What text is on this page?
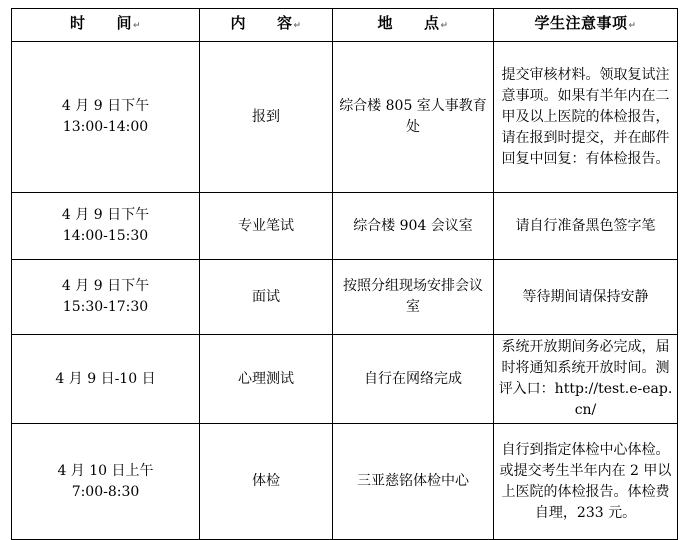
时　　间↵	内　　容↵	地　　点↵	学生注意事项↵

4 月 9 日下午
13:00-14:00	报到	综合楼 805 室人事教育处	提交审核材料。领取复试注意事项。如果有半年内在二甲及以上医院的体检报告，请在报到时提交，并在邮件回复中回复：有体检报告。

4 月 9 日下午
14:00-15:30	专业笔试	综合楼 904 会议室	请自行准备黑色签字笔

4 月 9 日下午
15:30-17:30	面试	按照分组现场安排会议室	等待期间请保持安静

4 月 9 日-10 日	心理测试	自行在网络完成	系统开放期间务必完成，届时将通知系统开放时间。测评入口：http://test.e-eap.cn/

4 月 10 日上午
7:00-8:30	体检	三亚慈铭体检中心	自行到指定体检中心体检。或提交考生半年内在 2 甲以上医院的体检报告。体检费自理，233 元。
